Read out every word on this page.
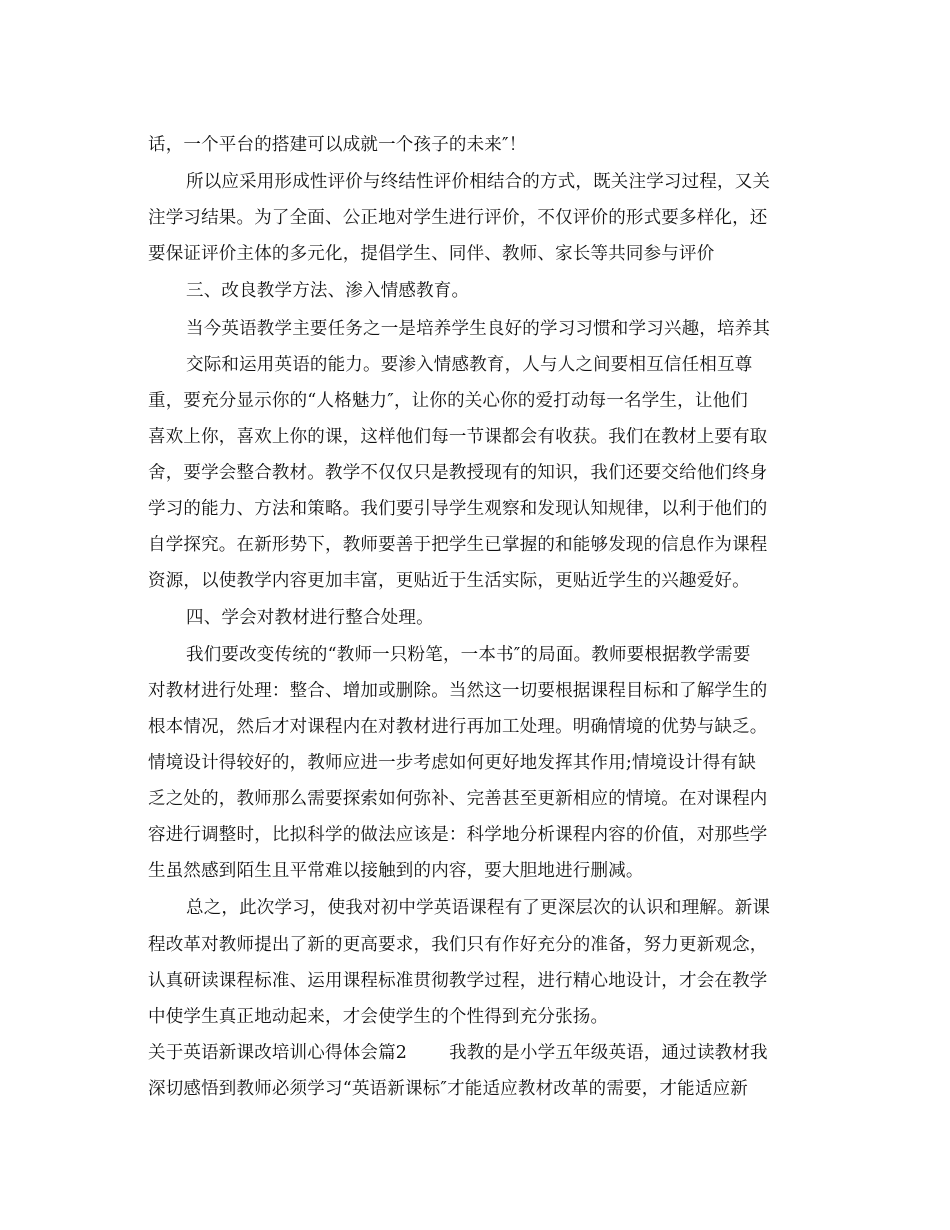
话，一个平台的搭建可以成就一个孩子的未来″！
所以应采用形成性评价与终结性评价相结合的方式，既关注学习过程，又关
注学习结果。为了全面、公正地对学生进行评价，不仅评价的形式要多样化，还
要保证评价主体的多元化，提倡学生、同伴、教师、家长等共同参与评价
三、改良教学方法、渗入情感教育。
当今英语教学主要任务之一是培养学生良好的学习习惯和学习兴趣，培养其
交际和运用英语的能力。要渗入情感教育，人与人之间要相互信任相互尊
重，要充分显示你的“人格魅力″，让你的关心你的爱打动每一名学生，让他们
喜欢上你，喜欢上你的课，这样他们每一节课都会有收获。我们在教材上要有取
舍，要学会整合教材。教学不仅仅只是教授现有的知识，我们还要交给他们终身
学习的能力、方法和策略。我们要引导学生观察和发现认知规律，以利于他们的
自学探究。在新形势下，教师要善于把学生已掌握的和能够发现的信息作为课程
资源，以使教学内容更加丰富，更贴近于生活实际，更贴近学生的兴趣爱好。
四、学会对教材进行整合处理。
我们要改变传统的“教师一只粉笔，一本书″的局面。教师要根据教学需要
对教材进行处理：整合、增加或删除。当然这一切要根据课程目标和了解学生的
根本情况，然后才对课程内在对教材进行再加工处理。明确情境的优势与缺乏。
情境设计得较好的，教师应进一步考虑如何更好地发挥其作用;情境设计得有缺
乏之处的，教师那么需要探索如何弥补、完善甚至更新相应的情境。在对课程内
容进行调整时，比拟科学的做法应该是：科学地分析课程内容的价值，对那些学
生虽然感到陌生且平常难以接触到的内容，要大胆地进行删减。
总之，此次学习，使我对初中学英语课程有了更深层次的认识和理解。新课
程改革对教师提出了新的更高要求，我们只有作好充分的准备，努力更新观念，
认真研读课程标准、运用课程标准贯彻教学过程，进行精心地设计，才会在教学
中使学生真正地动起来，才会使学生的个性得到充分张扬。
关于英语新课改培训心得体会篇2 我教的是小学五年级英语，通过读教材我
深切感悟到教师必须学习“英语新课标″才能适应教材改革的需要，才能适应新
